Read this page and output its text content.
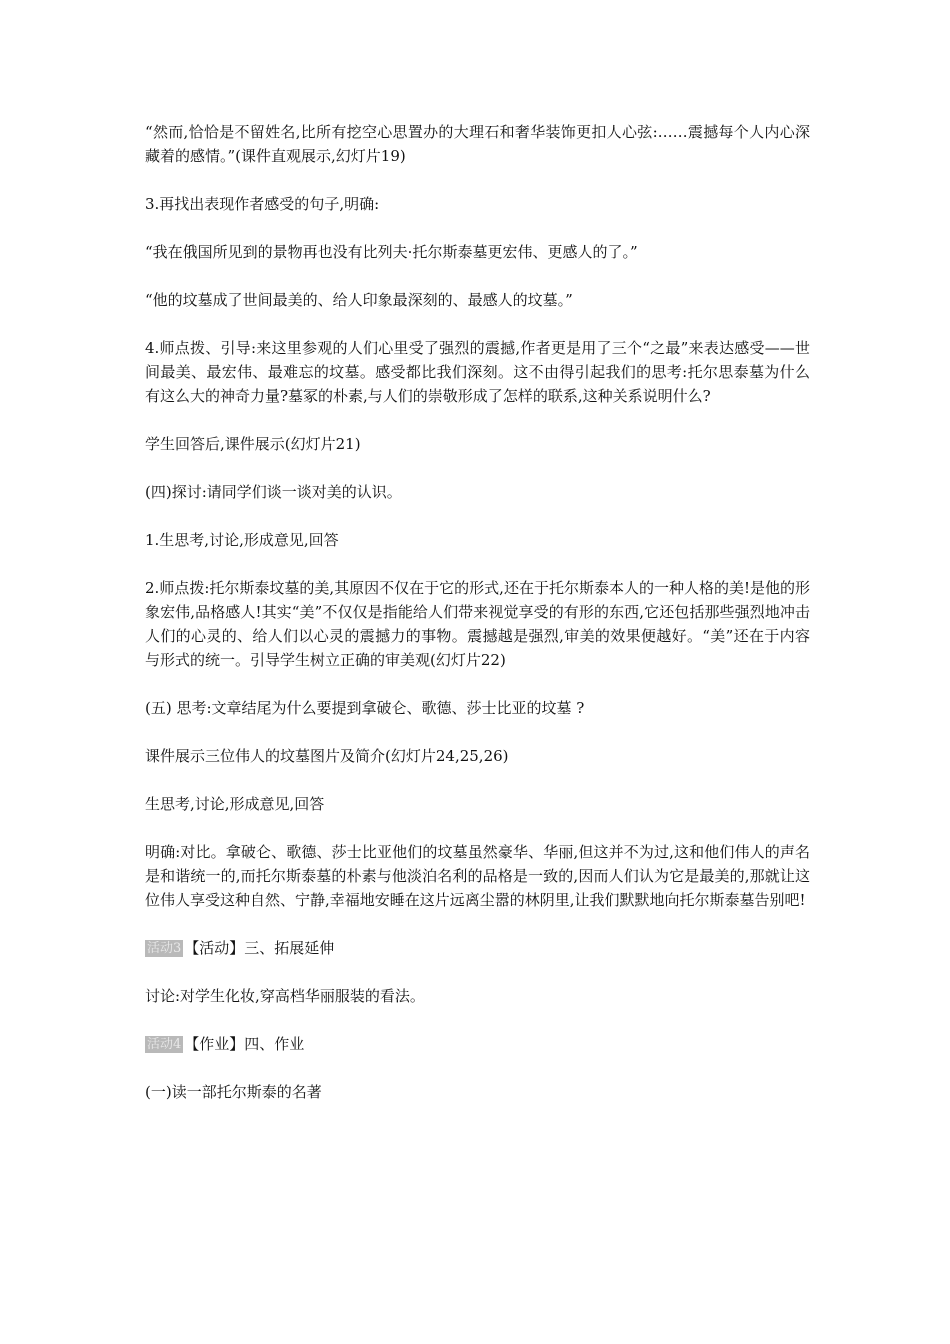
“然而,恰恰是不留姓名,比所有挖空心思置办的大理石和奢华装饰更扣人心弦:……震撼每个人内心深藏着的感情。”(课件直观展示,幻灯片19)

3.再找出表现作者感受的句子,明确:

“我在俄国所见到的景物再也没有比列夫·托尔斯泰墓更宏伟、更感人的了。”

“他的坟墓成了世间最美的、给人印象最深刻的、最感人的坟墓。”

4.师点拨、引导:来这里参观的人们心里受了强烈的震撼,作者更是用了三个“之最”来表达感受——世间最美、最宏伟、最难忘的坟墓。感受都比我们深刻。这不由得引起我们的思考:托尔思泰墓为什么有这么大的神奇力量?墓冢的朴素,与人们的崇敬形成了怎样的联系,这种关系说明什么?

学生回答后,课件展示(幻灯片21)

(四)探讨:请同学们谈一谈对美的认识。

1.生思考,讨论,形成意见,回答

2.师点拨:托尔斯泰坟墓的美,其原因不仅在于它的形式,还在于托尔斯泰本人的一种人格的美!是他的形象宏伟,品格感人!其实“美”不仅仅是指能给人们带来视觉享受的有形的东西,它还包括那些强烈地冲击人们的心灵的、给人们以心灵的震撼力的事物。震撼越是强烈,审美的效果便越好。“美”还在于内容与形式的统一。引导学生树立正确的审美观(幻灯片22)

(五) 思考:文章结尾为什么要提到拿破仑、歌德、莎士比亚的坟墓 ?

课件展示三位伟人的坟墓图片及简介(幻灯片24,25,26)

生思考,讨论,形成意见,回答

明确:对比。拿破仑、歌德、莎士比亚他们的坟墓虽然豪华、华丽,但这并不为过,这和他们伟人的声名是和谐统一的,而托尔斯泰墓的朴素与他淡泊名利的品格是一致的,因而人们认为它是最美的,那就让这位伟人享受这种自然、宁静,幸福地安睡在这片远离尘嚣的林阴里,让我们默默地向托尔斯泰墓告别吧!

活动3 【活动】三、拓展延伸

讨论:对学生化妆,穿高档华丽服装的看法。

活动4 【作业】四、作业

(一)读一部托尔斯泰的名著
